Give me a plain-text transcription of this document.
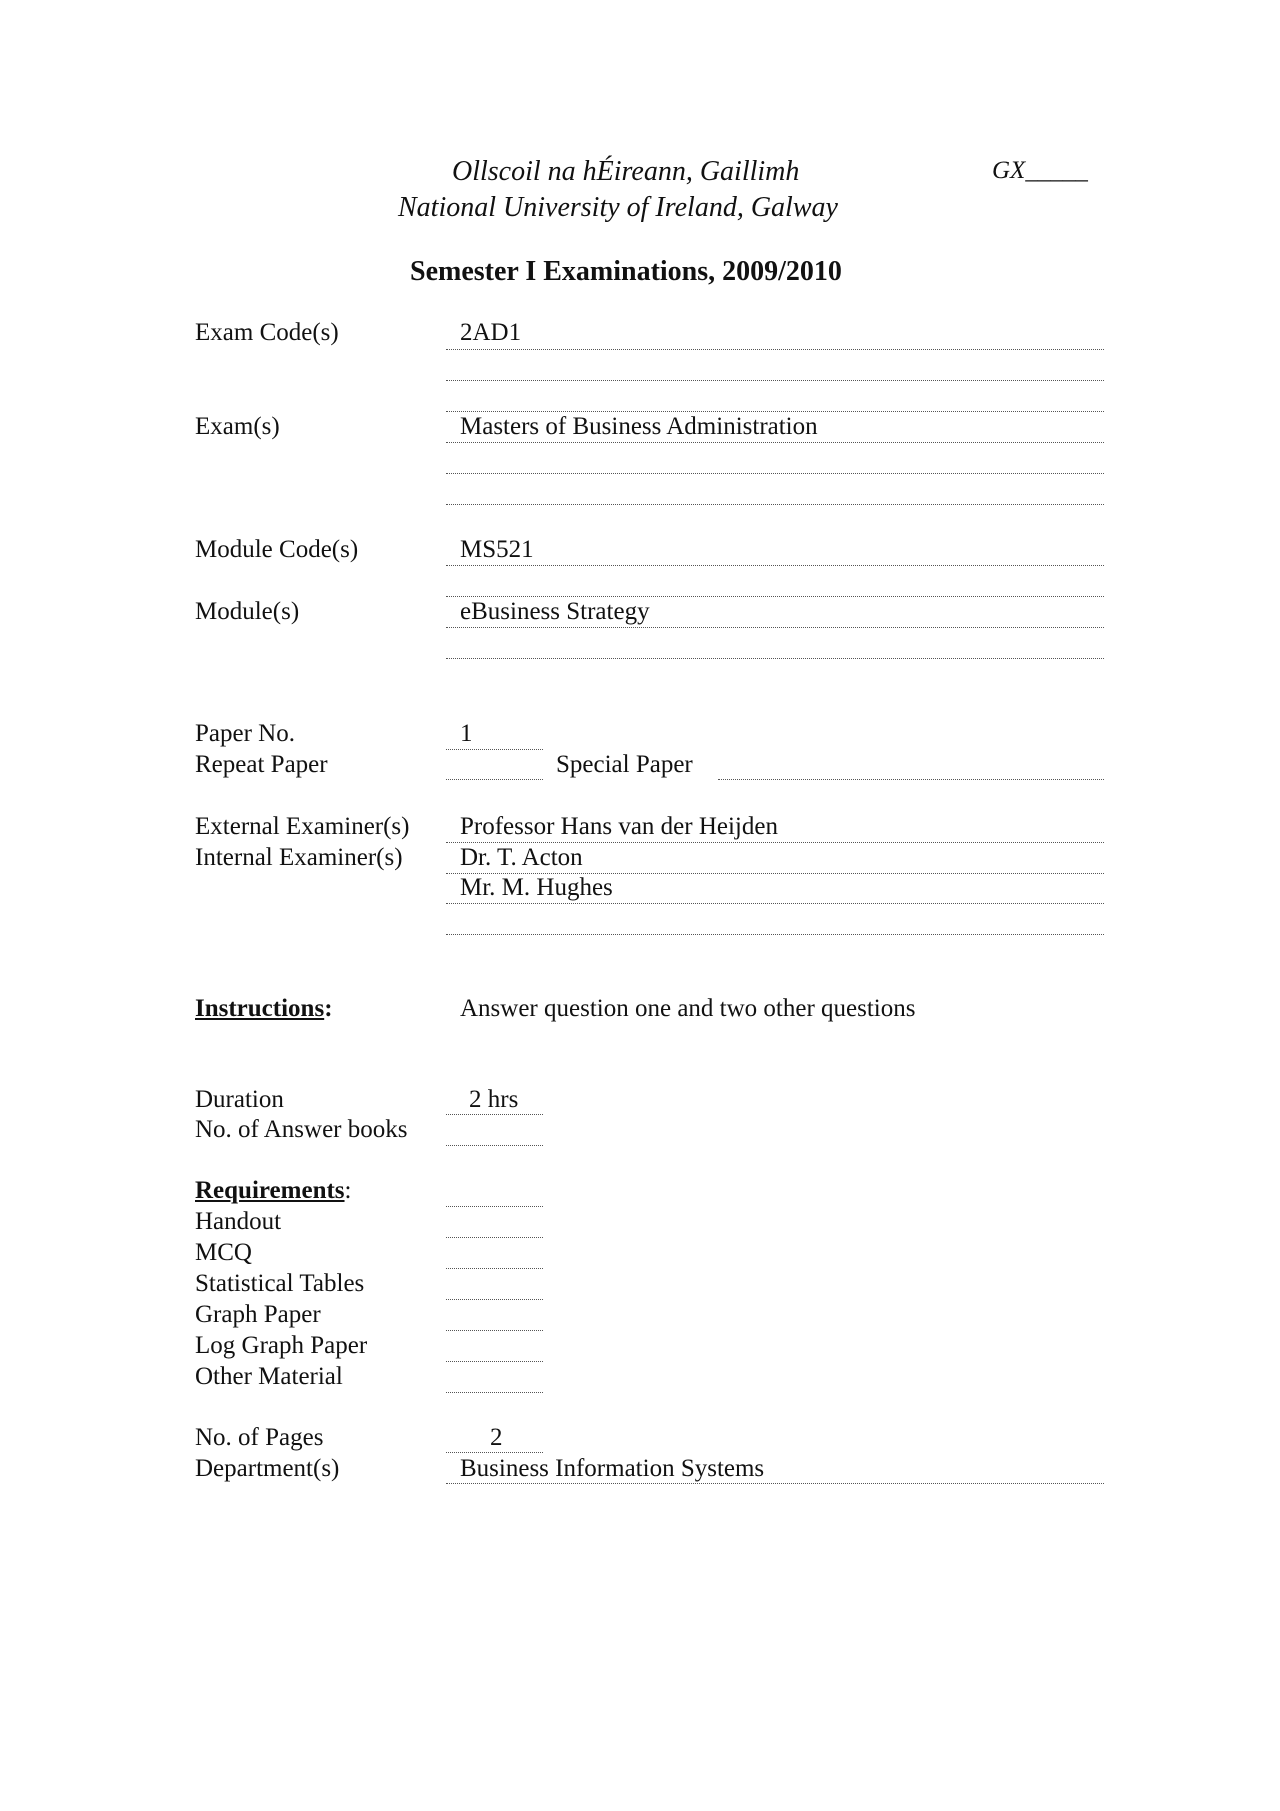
Ollscoil na hÉireann, Gaillimh
National University of Ireland, Galway
GX_____
Semester I Examinations, 2009/2010
Exam Code(s)	2AD1
Exam(s)	Masters of Business Administration
Module Code(s)	MS521
Module(s)	eBusiness Strategy
Paper No.	1
Repeat Paper	Special Paper
External Examiner(s) Professor Hans van der Heijden
Internal Examiner(s) Dr. T. Acton
Mr. M. Hughes
Instructions:	Answer question one and two other questions
Duration	2 hrs
No. of Answer books
Requirements:
Handout
MCQ
Statistical Tables
Graph Paper
Log Graph Paper
Other Material
No. of Pages	2
Department(s)	Business Information Systems
